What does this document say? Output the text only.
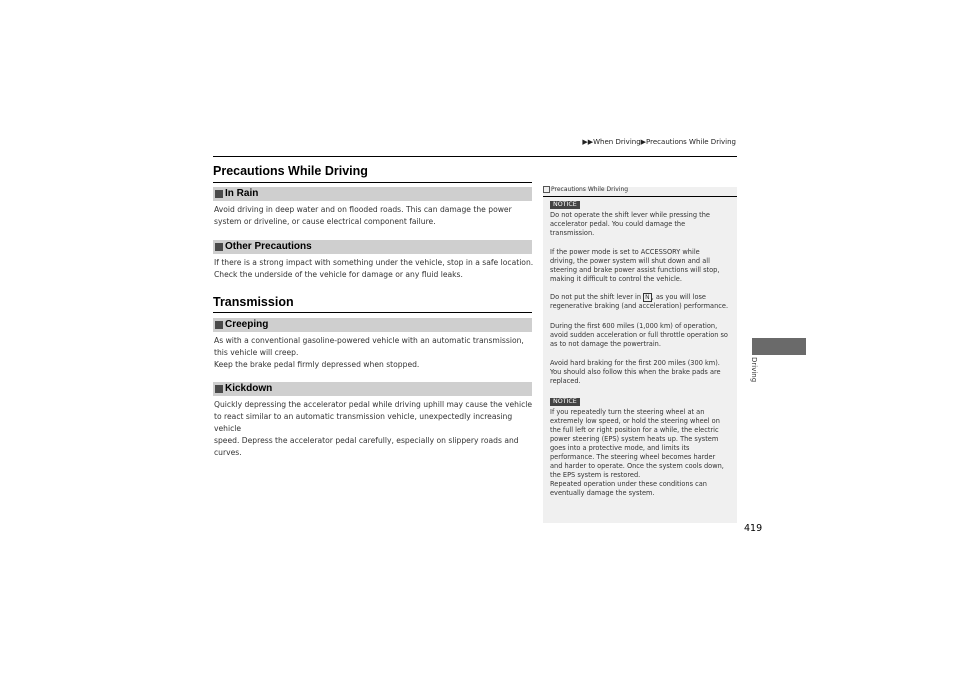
▶▶When Driving▶Precautions While Driving
Precautions While Driving
In Rain

Avoid driving in deep water and on flooded roads. This can damage the power

system or driveline, or cause electrical component failure.

Other Precautions

If there is a strong impact with something under the vehicle, stop in a safe location.

Check the underside of the vehicle for damage or any fluid leaks.

Transmission
Creeping

As with a conventional gasoline-powered vehicle with an automatic transmission,

this vehicle will creep.

Keep the brake pedal firmly depressed when stopped.

Kickdown

Quickly depressing the accelerator pedal while driving uphill may cause the vehicle

to react similar to an automatic transmission vehicle, unexpectedly increasing vehicle

speed. Depress the accelerator pedal carefully, especially on slippery roads and

curves.

Precautions While Driving
NOTICE

Do not operate the shift lever while pressing the

accelerator pedal. You could damage the

transmission.

If the power mode is set to ACCESSORY while

driving, the power system will shut down and all

steering and brake power assist functions will stop,

making it difficult to control the vehicle.

Do not put the shift lever in N , as you will lose

regenerative braking (and acceleration) performance.

During the first 600 miles (1,000 km) of operation,

avoid sudden acceleration or full throttle operation so

as to not damage the powertrain.

Avoid hard braking for the first 200 miles (300 km).

You should also follow this when the brake pads are

replaced.

NOTICE

If you repeatedly turn the steering wheel at an

extremely low speed, or hold the steering wheel on

the full left or right position for a while, the electric

power steering (EPS) system heats up. The system

goes into a protective mode, and limits its

performance. The steering wheel becomes harder

and harder to operate. Once the system cools down,

the EPS system is restored.

Repeated operation under these conditions can

eventually damage the system.

419
Driving
